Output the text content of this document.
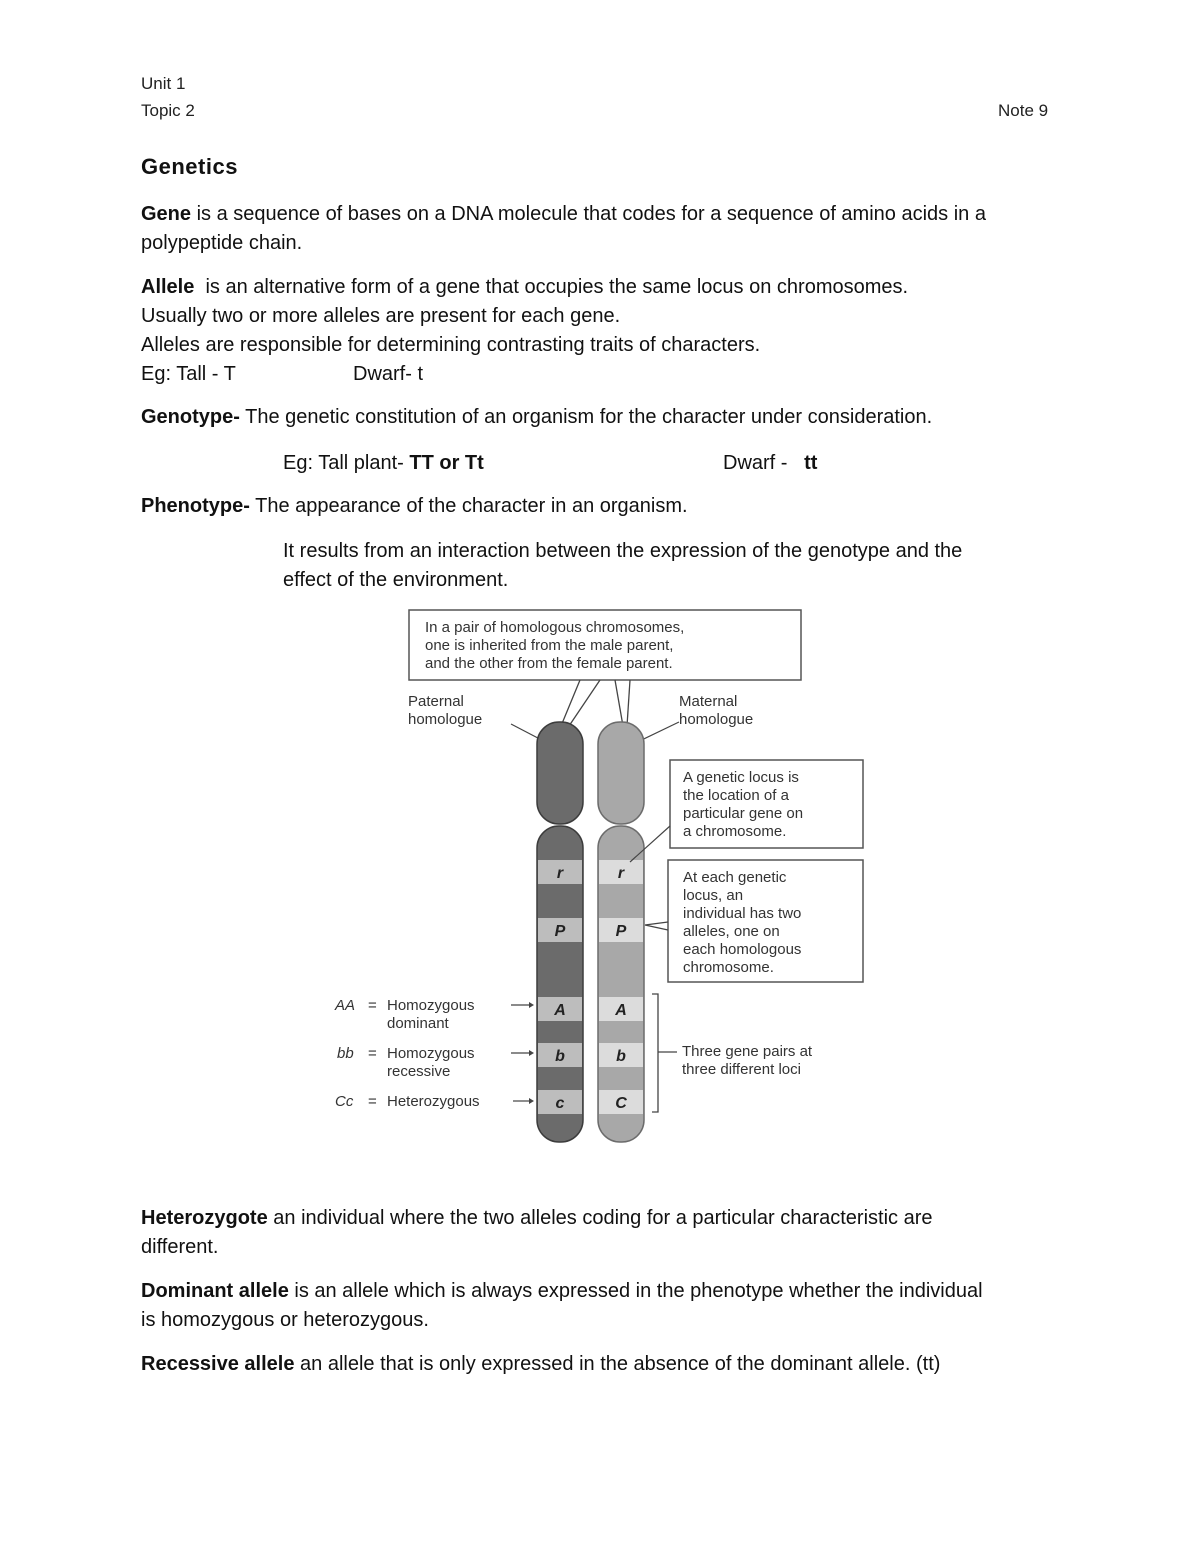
Unit 1
Topic 2	Note 9
Genetics
Gene is a sequence of bases on a DNA molecule that codes for a sequence of amino acids in a
polypeptide chain.
Allele  is an alternative form of a gene that occupies the same locus on chromosomes.
Usually two or more alleles are present for each gene.
Alleles are responsible for determining contrasting traits of characters.
Eg: Tall - T	Dwarf- t
Genotype- The genetic constitution of an organism for the character under consideration.
Eg: Tall plant- TT or Tt	Dwarf -   tt
Phenotype- The appearance of the character in an organism.
It results from an interaction between the expression of the genotype and the
effect of the environment.
In a pair of homologous chromosomes,
one is inherited from the male parent,
and the other from the female parent.
Paternal
homologue
Maternal
homologue
r	r
P	P
A	A
b	b
c	C
A genetic locus is
the location of a
particular gene on
a chromosome.
At each genetic
locus, an
individual has two
alleles, one on
each homologous
chromosome.
AA = Homozygous
dominant
bb = Homozygous
recessive
Cc = Heterozygous
Three gene pairs at
three different loci
Heterozygote an individual where the two alleles coding for a particular characteristic are
different.
Dominant allele is an allele which is always expressed in the phenotype whether the individual
is homozygous or heterozygous.
Recessive allele an allele that is only expressed in the absence of the dominant allele. (tt)
